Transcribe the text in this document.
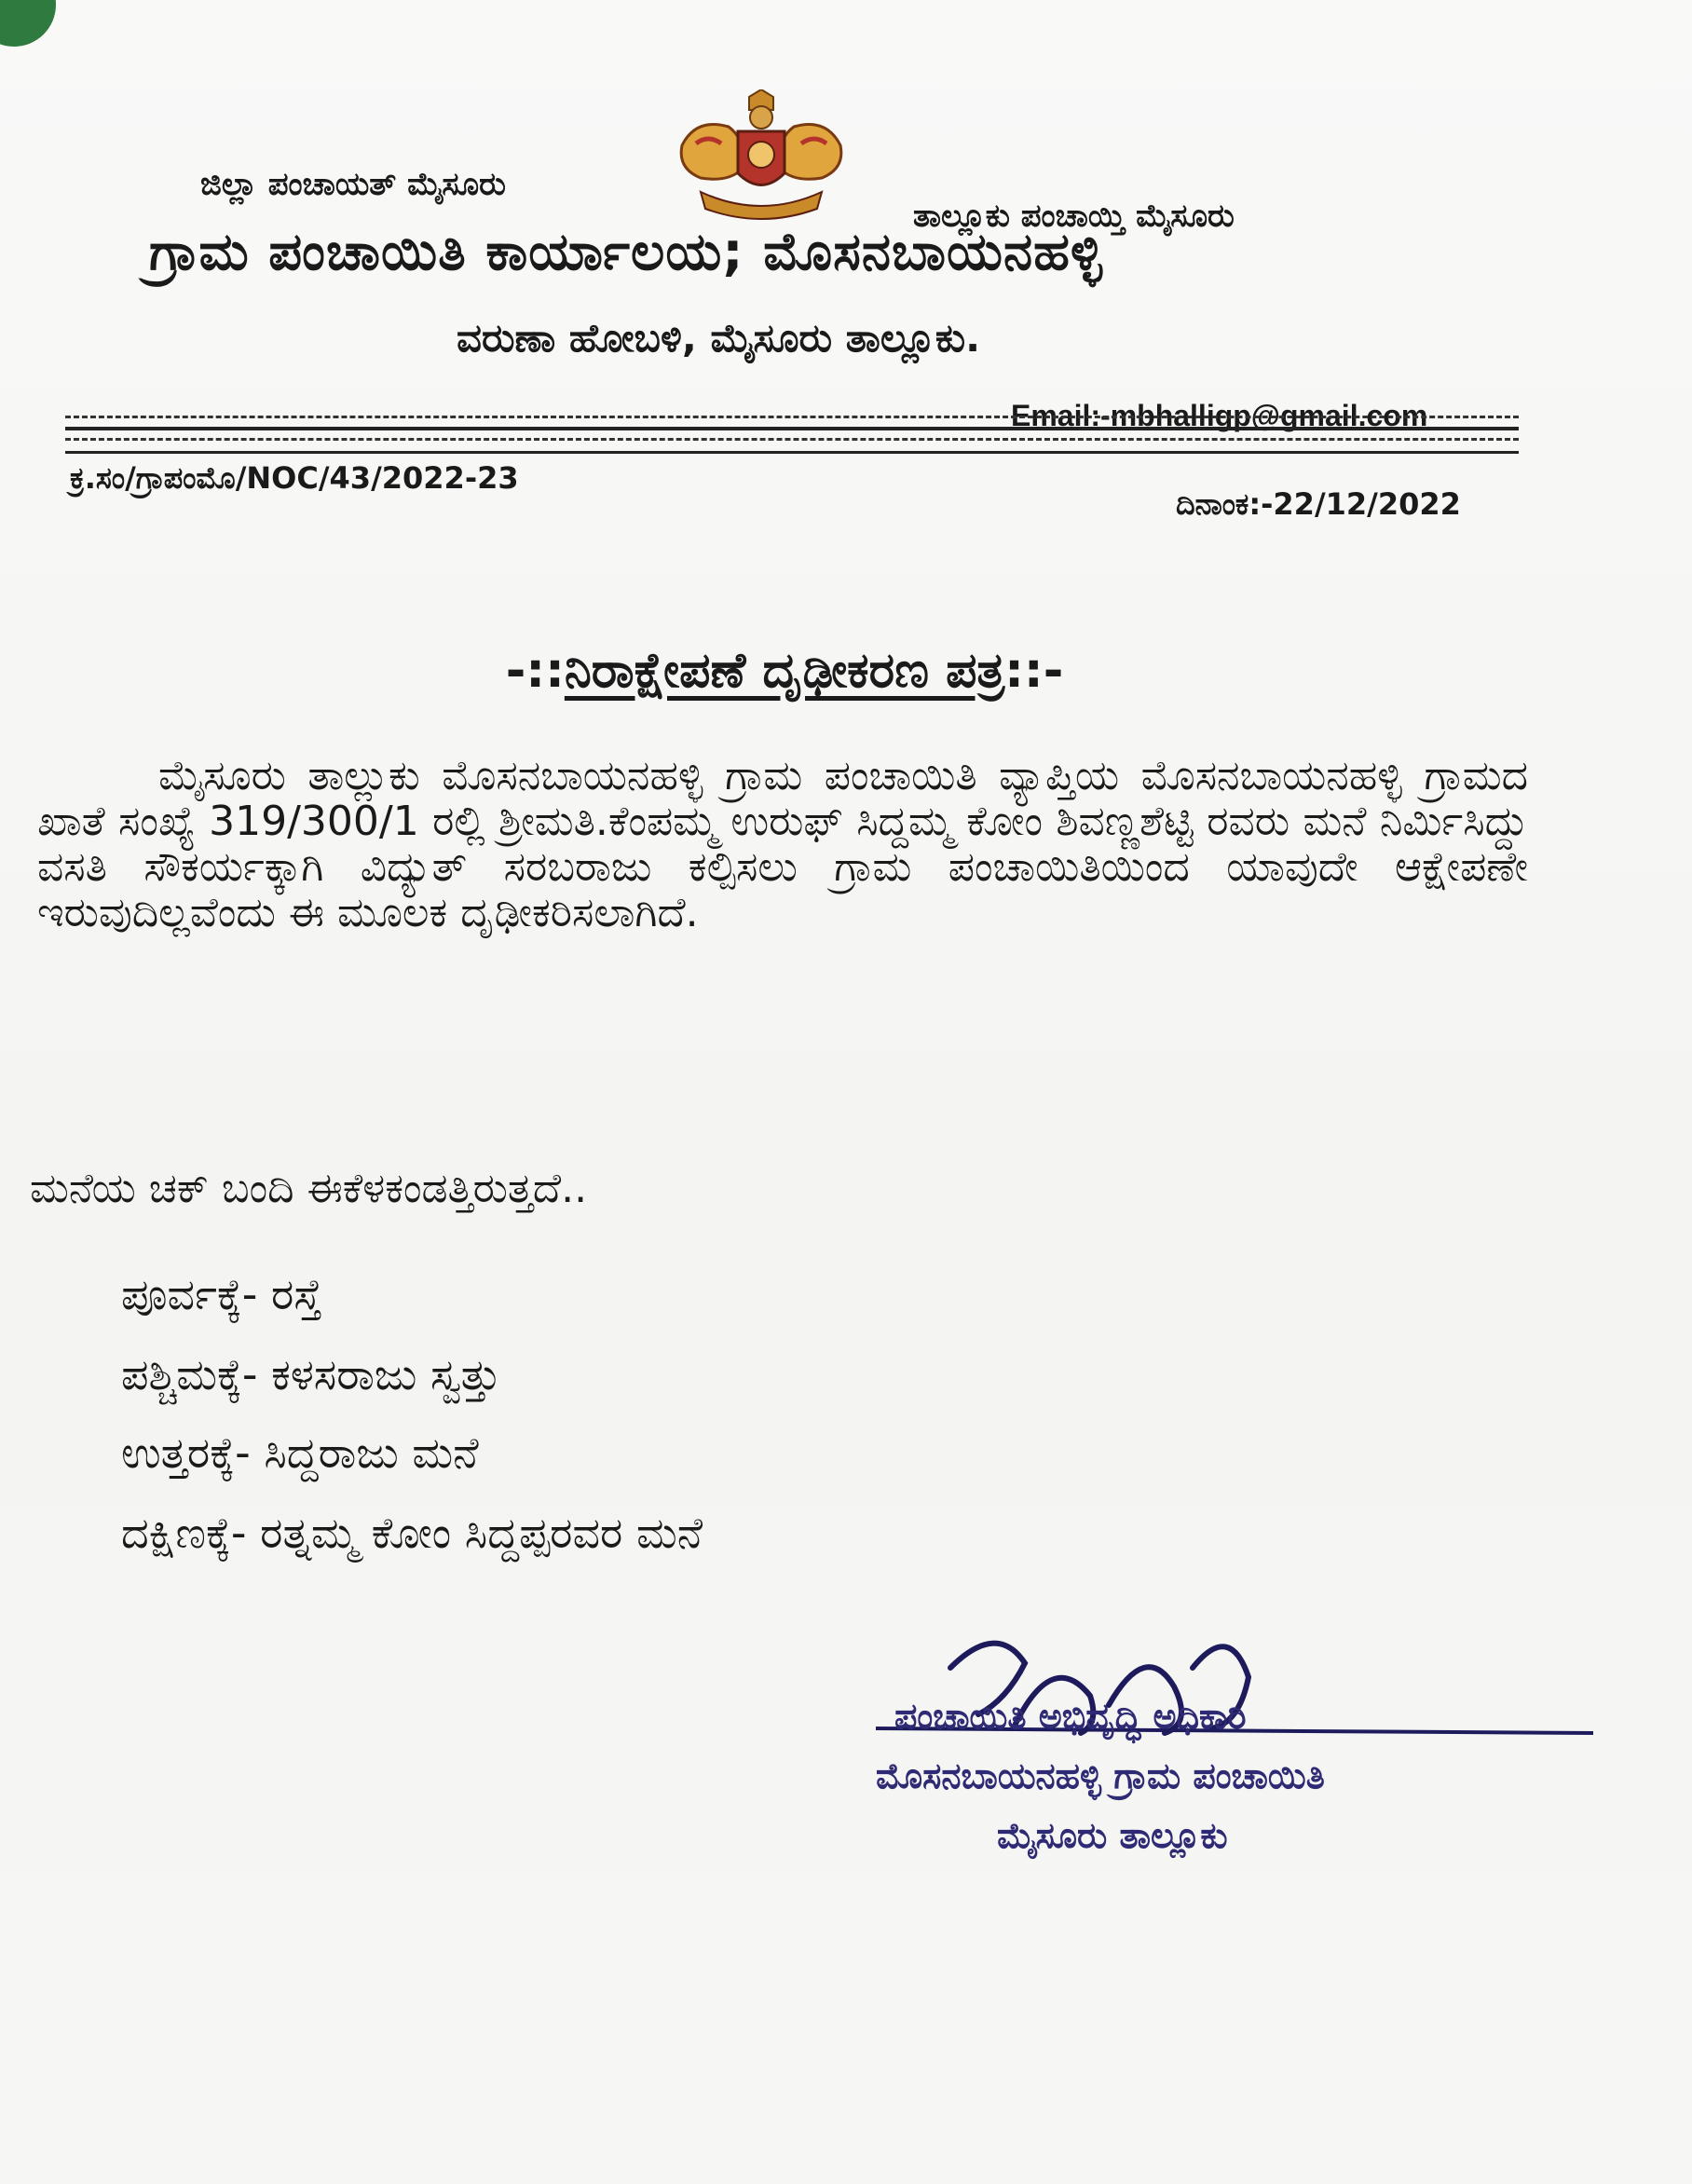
ಜಿಲ್ಲಾ ಪಂಚಾಯತ್ ಮೈಸೂರು
ತಾಲ್ಲೂಕು ಪಂಚಾಯ್ತಿ ಮೈಸೂರು
ಗ್ರಾಮ ಪಂಚಾಯಿತಿ ಕಾರ್ಯಾಲಯ; ಮೊಸನಬಾಯನಹಳ್ಳಿ
ವರುಣಾ ಹೋಬಳಿ, ಮೈಸೂರು ತಾಲ್ಲೂಕು.
Email:-mbhalligp@gmail.com
ಕ್ರ.ಸಂ/ಗ್ರಾಪಂಮೊ/NOC/43/2022-23
ದಿನಾಂಕ:-22/12/2022
-::ನಿರಾಕ್ಷೇಪಣೆ ದೃಢೀಕರಣ ಪತ್ರ::-
ಮೈಸೂರು ತಾಲ್ಲುಕು ಮೊಸನಬಾಯನಹಳ್ಳಿ ಗ್ರಾಮ ಪಂಚಾಯಿತಿ ವ್ಯಾಪ್ತಿಯ ಮೊಸನಬಾಯನಹಳ್ಳಿ ಗ್ರಾಮದ ಖಾತೆ ಸಂಖ್ಯೆ 319/300/1 ರಲ್ಲಿ ಶ್ರೀಮತಿ.ಕೆಂಪಮ್ಮ ಉರುಫ್ ಸಿದ್ದಮ್ಮ ಕೋಂ ಶಿವಣ್ಣಶೆಟ್ಟಿ ರವರು ಮನೆ ನಿರ್ಮಿಸಿದ್ದು ವಸತಿ ಸೌಕರ್ಯಕ್ಕಾಗಿ ವಿದ್ಯುತ್ ಸರಬರಾಜು ಕಲ್ಪಿಸಲು ಗ್ರಾಮ ಪಂಚಾಯಿತಿಯಿಂದ ಯಾವುದೇ ಆಕ್ಷೇಪಣೇ ಇರುವುದಿಲ್ಲವೆಂದು ಈ ಮೂಲಕ ದೃಢೀಕರಿಸಲಾಗಿದೆ.
ಮನೆಯ ಚಕ್ ಬಂದಿ ಈಕೆಳಕಂಡತ್ತಿರುತ್ತದೆ..
ಪೂರ್ವಕ್ಕೆ- ರಸ್ತೆ
ಪಶ್ಚಿಮಕ್ಕೆ- ಕಳಸರಾಜು ಸ್ವತ್ತು
ಉತ್ತರಕ್ಕೆ- ಸಿದ್ದರಾಜು ಮನೆ
ದಕ್ಷಿಣಕ್ಕೆ- ರತ್ನಮ್ಮ ಕೋಂ ಸಿದ್ದಪ್ಪರವರ ಮನೆ
ಪಂಚಾಯಿತಿ ಅಭಿವೃದ್ಧಿ ಅಧಿಕಾರಿ
ಮೊಸನಬಾಯನಹಳ್ಳಿ ಗ್ರಾಮ ಪಂಚಾಯಿತಿ
ಮೈಸೂರು ತಾಲ್ಲೂಕು
